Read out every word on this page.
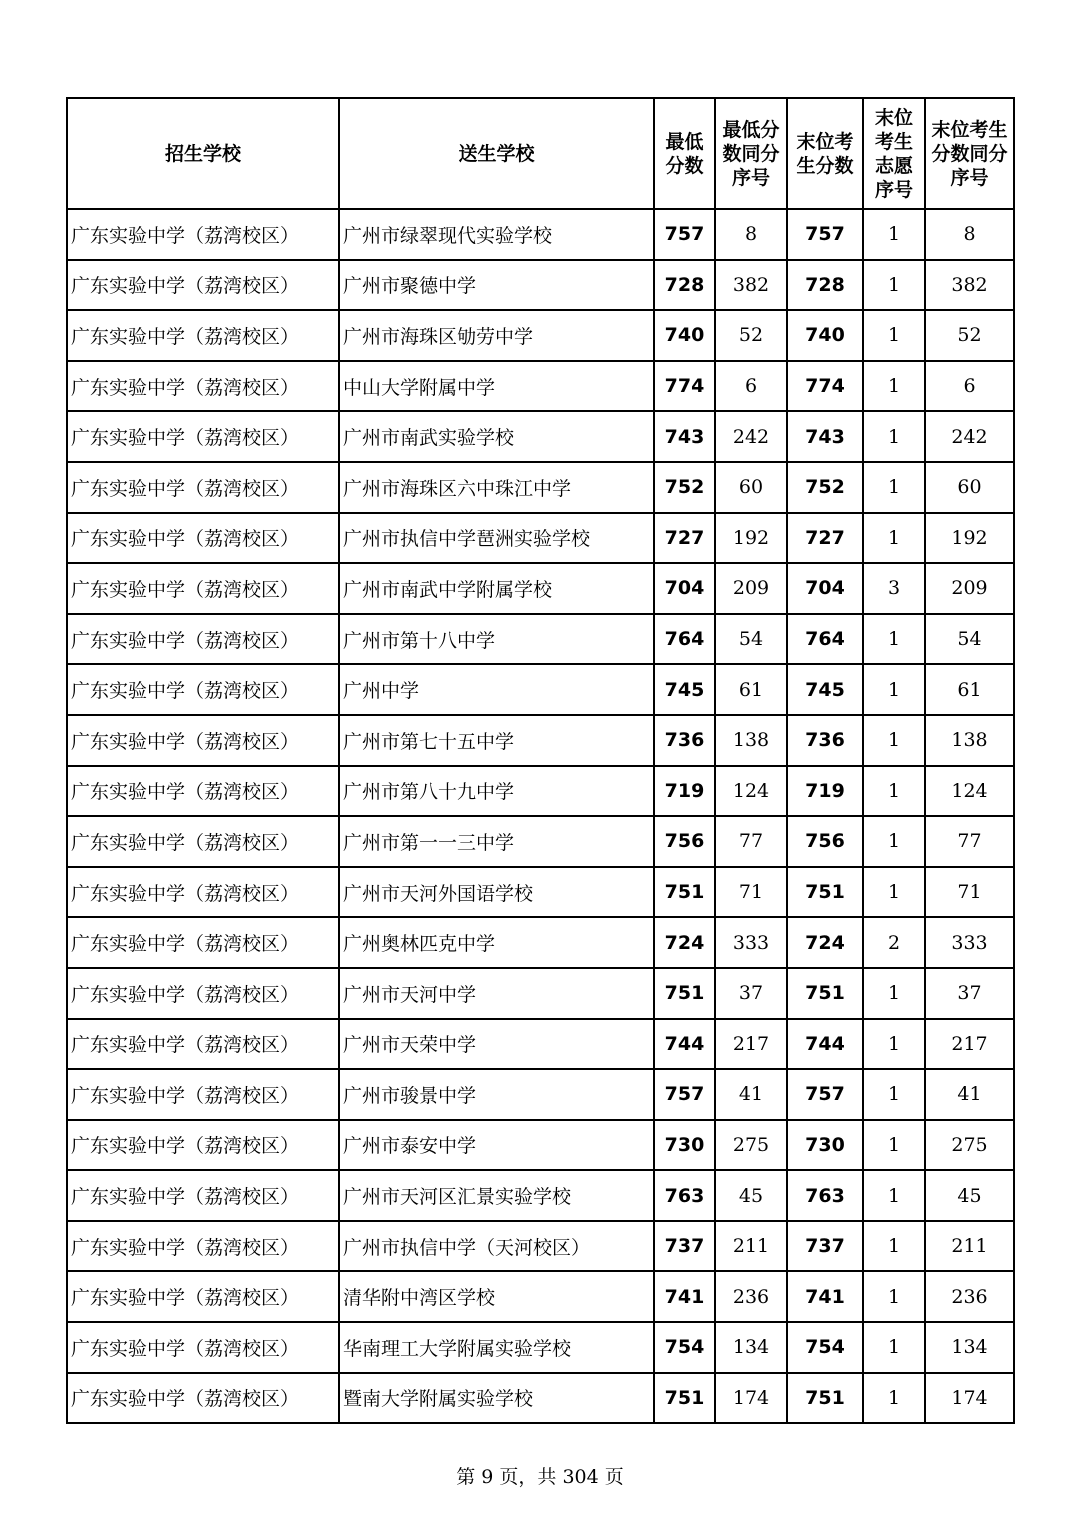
招生学校	送生学校	最低分数	最低分数同分序号	末位考生分数	末位考生志愿序号	末位考生分数同分序号
广东实验中学（荔湾校区）	广州市绿翠现代实验学校	757	8	757	1	8
广东实验中学（荔湾校区）	广州市聚德中学	728	382	728	1	382
广东实验中学（荔湾校区）	广州市海珠区劬劳中学	740	52	740	1	52
广东实验中学（荔湾校区）	中山大学附属中学	774	6	774	1	6
广东实验中学（荔湾校区）	广州市南武实验学校	743	242	743	1	242
广东实验中学（荔湾校区）	广州市海珠区六中珠江中学	752	60	752	1	60
广东实验中学（荔湾校区）	广州市执信中学琶洲实验学校	727	192	727	1	192
广东实验中学（荔湾校区）	广州市南武中学附属学校	704	209	704	3	209
广东实验中学（荔湾校区）	广州市第十八中学	764	54	764	1	54
广东实验中学（荔湾校区）	广州中学	745	61	745	1	61
广东实验中学（荔湾校区）	广州市第七十五中学	736	138	736	1	138
广东实验中学（荔湾校区）	广州市第八十九中学	719	124	719	1	124
广东实验中学（荔湾校区）	广州市第一一三中学	756	77	756	1	77
广东实验中学（荔湾校区）	广州市天河外国语学校	751	71	751	1	71
广东实验中学（荔湾校区）	广州奥林匹克中学	724	333	724	2	333
广东实验中学（荔湾校区）	广州市天河中学	751	37	751	1	37
广东实验中学（荔湾校区）	广州市天荣中学	744	217	744	1	217
广东实验中学（荔湾校区）	广州市骏景中学	757	41	757	1	41
广东实验中学（荔湾校区）	广州市泰安中学	730	275	730	1	275
广东实验中学（荔湾校区）	广州市天河区汇景实验学校	763	45	763	1	45
广东实验中学（荔湾校区）	广州市执信中学（天河校区）	737	211	737	1	211
广东实验中学（荔湾校区）	清华附中湾区学校	741	236	741	1	236
广东实验中学（荔湾校区）	华南理工大学附属实验学校	754	134	754	1	134
广东实验中学（荔湾校区）	暨南大学附属实验学校	751	174	751	1	174
第 9 页，共 304 页
